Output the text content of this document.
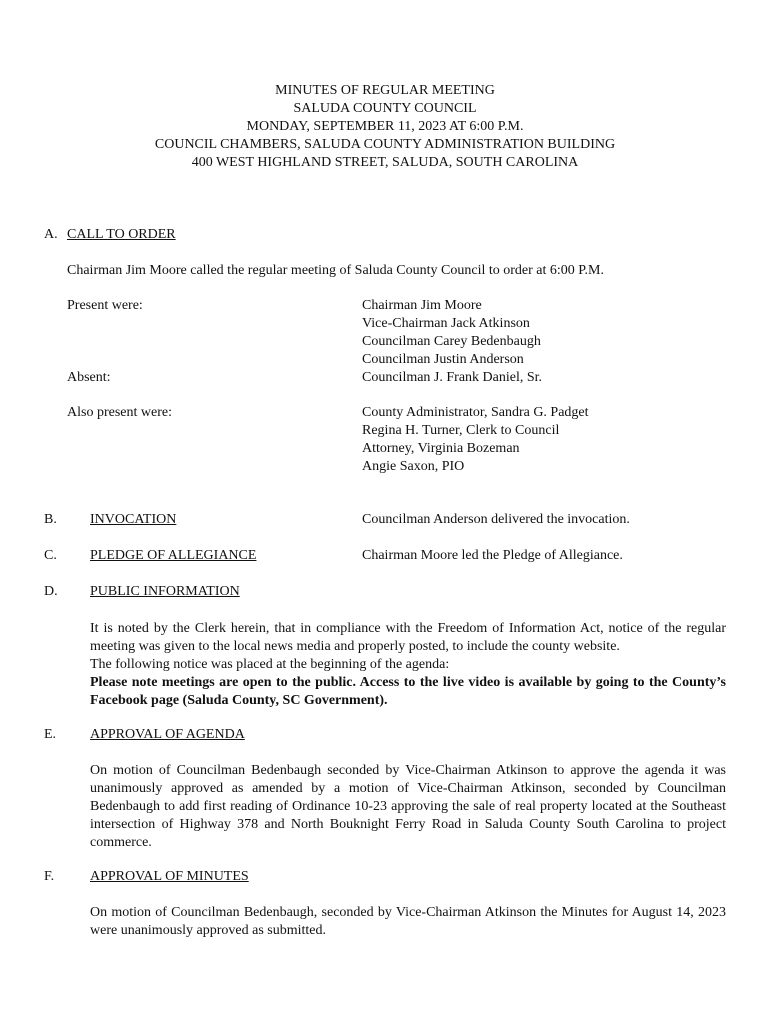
MINUTES OF REGULAR MEETING
SALUDA COUNTY COUNCIL
MONDAY, SEPTEMBER 11, 2023 AT 6:00 P.M.
COUNCIL CHAMBERS, SALUDA COUNTY ADMINISTRATION BUILDING
400 WEST HIGHLAND STREET, SALUDA, SOUTH CAROLINA
A. CALL TO ORDER
Chairman Jim Moore called the regular meeting of Saluda County Council to order at 6:00 P.M.
Present were:	Chairman Jim Moore
Vice-Chairman Jack Atkinson
Councilman Carey Bedenbaugh
Councilman Justin Anderson
Absent:	Councilman J. Frank Daniel, Sr.
Also present were:	County Administrator, Sandra G. Padget
Regina H. Turner, Clerk to Council
Attorney, Virginia Bozeman
Angie Saxon, PIO
B. INVOCATION	Councilman Anderson delivered the invocation.
C. PLEDGE OF ALLEGIANCE	Chairman Moore led the Pledge of Allegiance.
D. PUBLIC INFORMATION
It is noted by the Clerk herein, that in compliance with the Freedom of Information Act, notice of the regular meeting was given to the local news media and properly posted, to include the county website.
The following notice was placed at the beginning of the agenda:
Please note meetings are open to the public. Access to the live video is available by going to the County’s Facebook page (Saluda County, SC Government).
E. APPROVAL OF AGENDA
On motion of Councilman Bedenbaugh seconded by Vice-Chairman Atkinson to approve the agenda it was unanimously approved as amended by a motion of Vice-Chairman Atkinson, seconded by Councilman Bedenbaugh to add first reading of Ordinance 10-23 approving the sale of real property located at the Southeast intersection of Highway 378 and North Bouknight Ferry Road in Saluda County South Carolina to project commerce.
F.	APPROVAL OF MINUTES
On motion of Councilman Bedenbaugh, seconded by Vice-Chairman Atkinson the Minutes for August 14, 2023 were unanimously approved as submitted.
